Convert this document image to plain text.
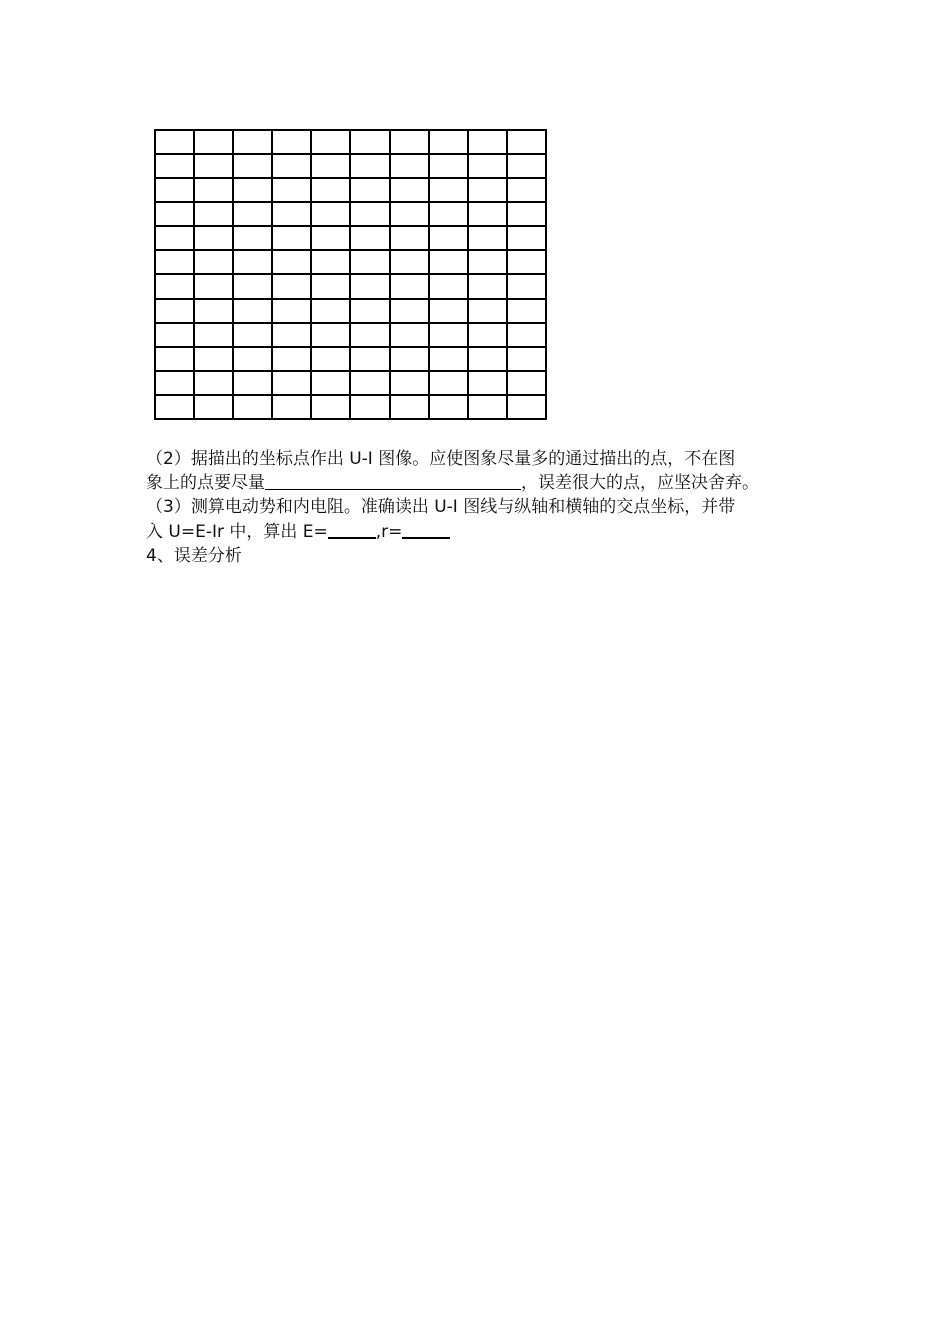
（2）据描出的坐标点作出 U-I 图像。应使图象尽量多的通过描出的点，不在图
象上的点要尽量	，误差很大的点，应坚决舍弃。
（3）测算电动势和内电阻。准确读出 U-I 图线与纵轴和横轴的交点坐标，并带
入 U=E-Ir 中，算出 E=	,r=
4、误差分析
